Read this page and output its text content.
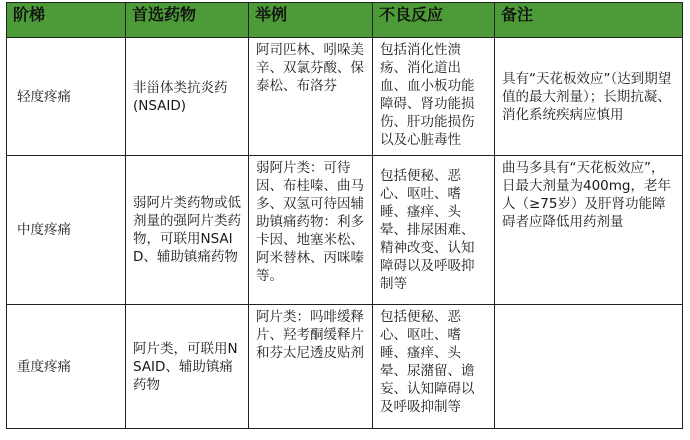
阶梯	首选药物	举例	不良反应	备注
轻度疼痛	非甾体类抗炎药(NSAID)	阿司匹林、吲哚美辛、双氯芬酸、保泰松、布洛芬	包括消化性溃疡、消化道出血、血小板功能障碍、肾功能损伤、肝功能损伤以及心脏毒性	具有“天花板效应”（达到期望值的最大剂量）；长期抗凝、消化系统疾病应慎用
中度疼痛	弱阿片类药物或低剂量的强阿片类药物，可联用NSAID、辅助镇痛药物	弱阿片类：可待因、布桂嗪、曲马多、双氢可待因辅助镇痛药物：利多卡因、地塞米松、阿米替林、丙咪嗪等。	包括便秘、恶心、呕吐、嗜睡、瘙痒、头晕、排尿困难、精神改变、认知障碍以及呼吸抑制等	曲马多具有“天花板效应”，日最大剂量为400mg，老年人（≥75岁）及肝肾功能障碍者应降低用药剂量
重度疼痛	阿片类，可联用NSAID、辅助镇痛药物	阿片类：吗啡缓释片、羟考酮缓释片和芬太尼透皮贴剂	包括便秘、恶心、呕吐、嗜睡、瘙痒、头晕、尿潴留、谵妄、认知障碍以及呼吸抑制等	
